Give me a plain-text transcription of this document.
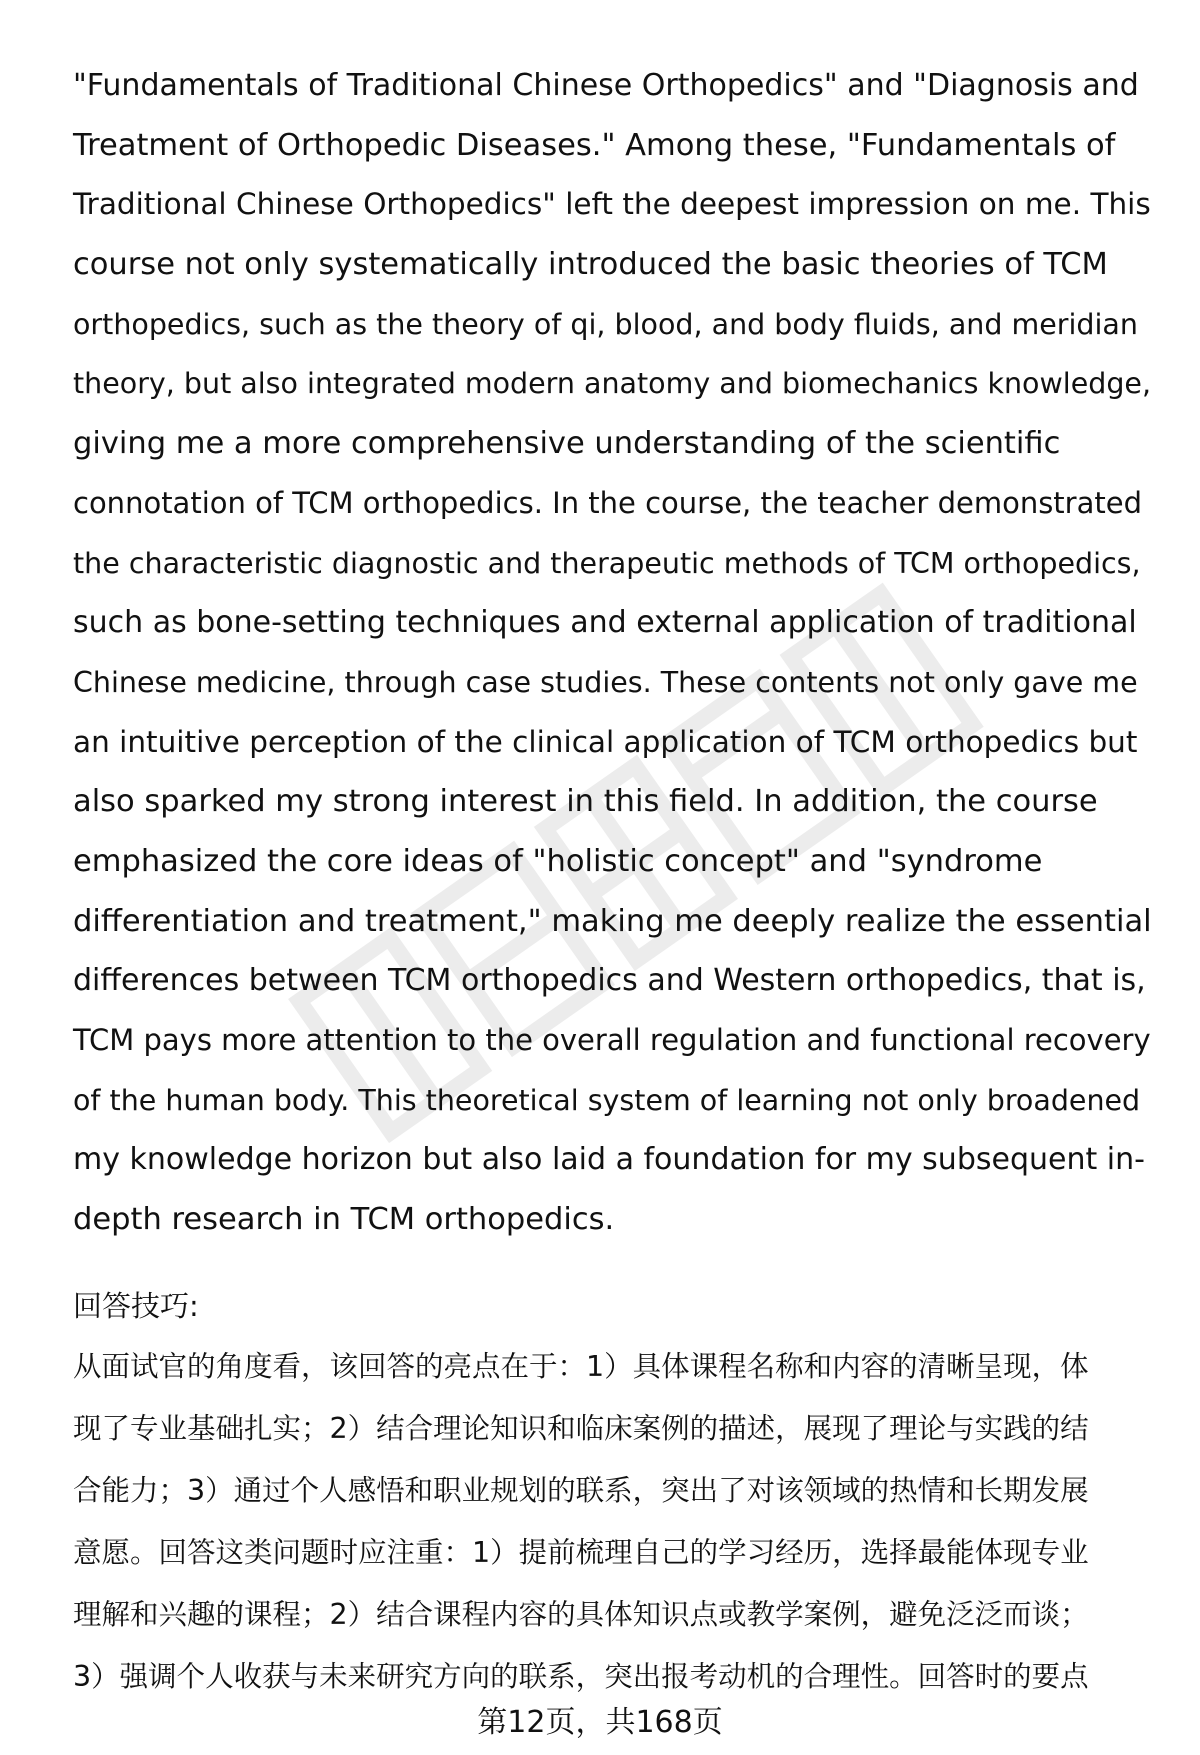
"Fundamentals of Traditional Chinese Orthopedics" and "Diagnosis and
Treatment of Orthopedic Diseases." Among these, "Fundamentals of
Traditional Chinese Orthopedics" left the deepest impression on me. This
course not only systematically introduced the basic theories of TCM
orthopedics, such as the theory of qi, blood, and body fluids, and meridian
theory, but also integrated modern anatomy and biomechanics knowledge,
giving me a more comprehensive understanding of the scientific
connotation of TCM orthopedics. In the course, the teacher demonstrated
the characteristic diagnostic and therapeutic methods of TCM orthopedics,
such as bone-setting techniques and external application of traditional
Chinese medicine, through case studies. These contents not only gave me
an intuitive perception of the clinical application of TCM orthopedics but
also sparked my strong interest in this field. In addition, the course
emphasized the core ideas of "holistic concept" and "syndrome
differentiation and treatment," making me deeply realize the essential
differences between TCM orthopedics and Western orthopedics, that is,
TCM pays more attention to the overall regulation and functional recovery
of the human body. This theoretical system of learning not only broadened
my knowledge horizon but also laid a foundation for my subsequent in-
depth research in TCM orthopedics.
回答技巧:
从面试官的角度看，该回答的亮点在于：1）具体课程名称和内容的清晰呈现，体
现了专业基础扎实；2）结合理论知识和临床案例的描述，展现了理论与实践的结
合能力；3）通过个人感悟和职业规划的联系，突出了对该领域的热情和长期发展
意愿。回答这类问题时应注重：1）提前梳理自己的学习经历，选择最能体现专业
理解和兴趣的课程；2）结合课程内容的具体知识点或教学案例，避免泛泛而谈；
3）强调个人收获与未来研究方向的联系，突出报考动机的合理性。回答时的要点
第12页，共168页
